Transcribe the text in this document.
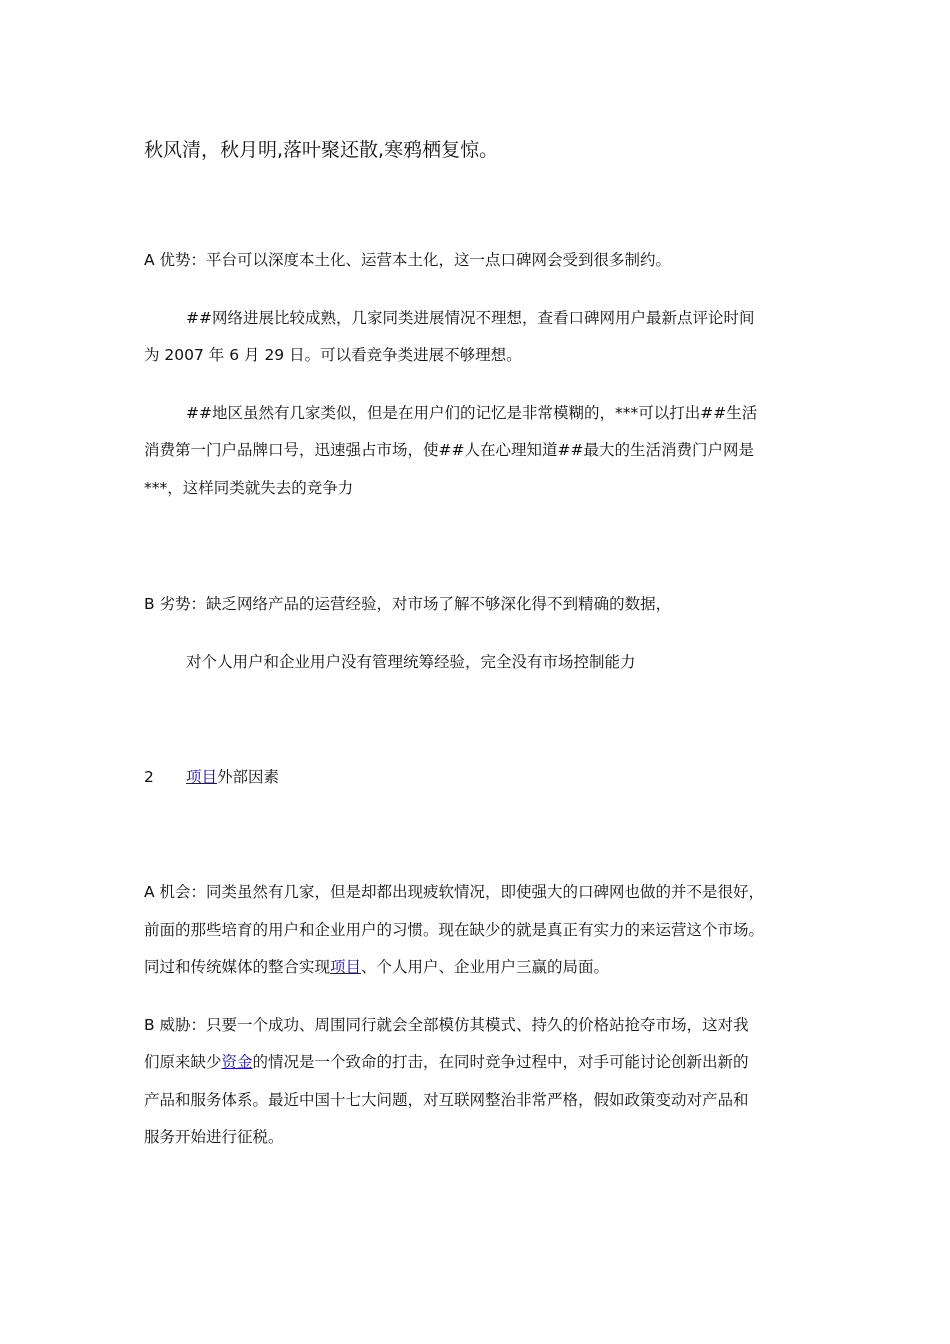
秋风清，秋月明,落叶聚还散,寒鸦栖复惊。
A 优势：平台可以深度本土化、运营本土化，这一点口碑网会受到很多制约。
##网络进展比较成熟，几家同类进展情况不理想，查看口碑网用户最新点评论时间
为 2007 年 6 月 29 日。可以看竞争类进展不够理想。
##地区虽然有几家类似，但是在用户们的记忆是非常模糊的，***可以打出##生活
消费第一门户品牌口号，迅速强占市场，使##人在心理知道##最大的生活消费门户网是
***，这样同类就失去的竞争力
B 劣势：缺乏网络产品的运营经验，对市场了解不够深化得不到精确的数据，
对个人用户和企业用户没有管理统筹经验，完全没有市场控制能力
2 项目外部因素
A 机会：同类虽然有几家，但是却都出现疲软情况，即使强大的口碑网也做的并不是很好，
前面的那些培育的用户和企业用户的习惯。现在缺少的就是真正有实力的来运营这个市场。
同过和传统媒体的整合实现项目、个人用户、企业用户三赢的局面。
B 威胁：只要一个成功、周围同行就会全部模仿其模式、持久的价格站抢夺市场，这对我
们原来缺少资金的情况是一个致命的打击，在同时竞争过程中，对手可能讨论创新出新的
产品和服务体系。最近中国十七大问题，对互联网整治非常严格，假如政策变动对产品和
服务开始进行征税。
